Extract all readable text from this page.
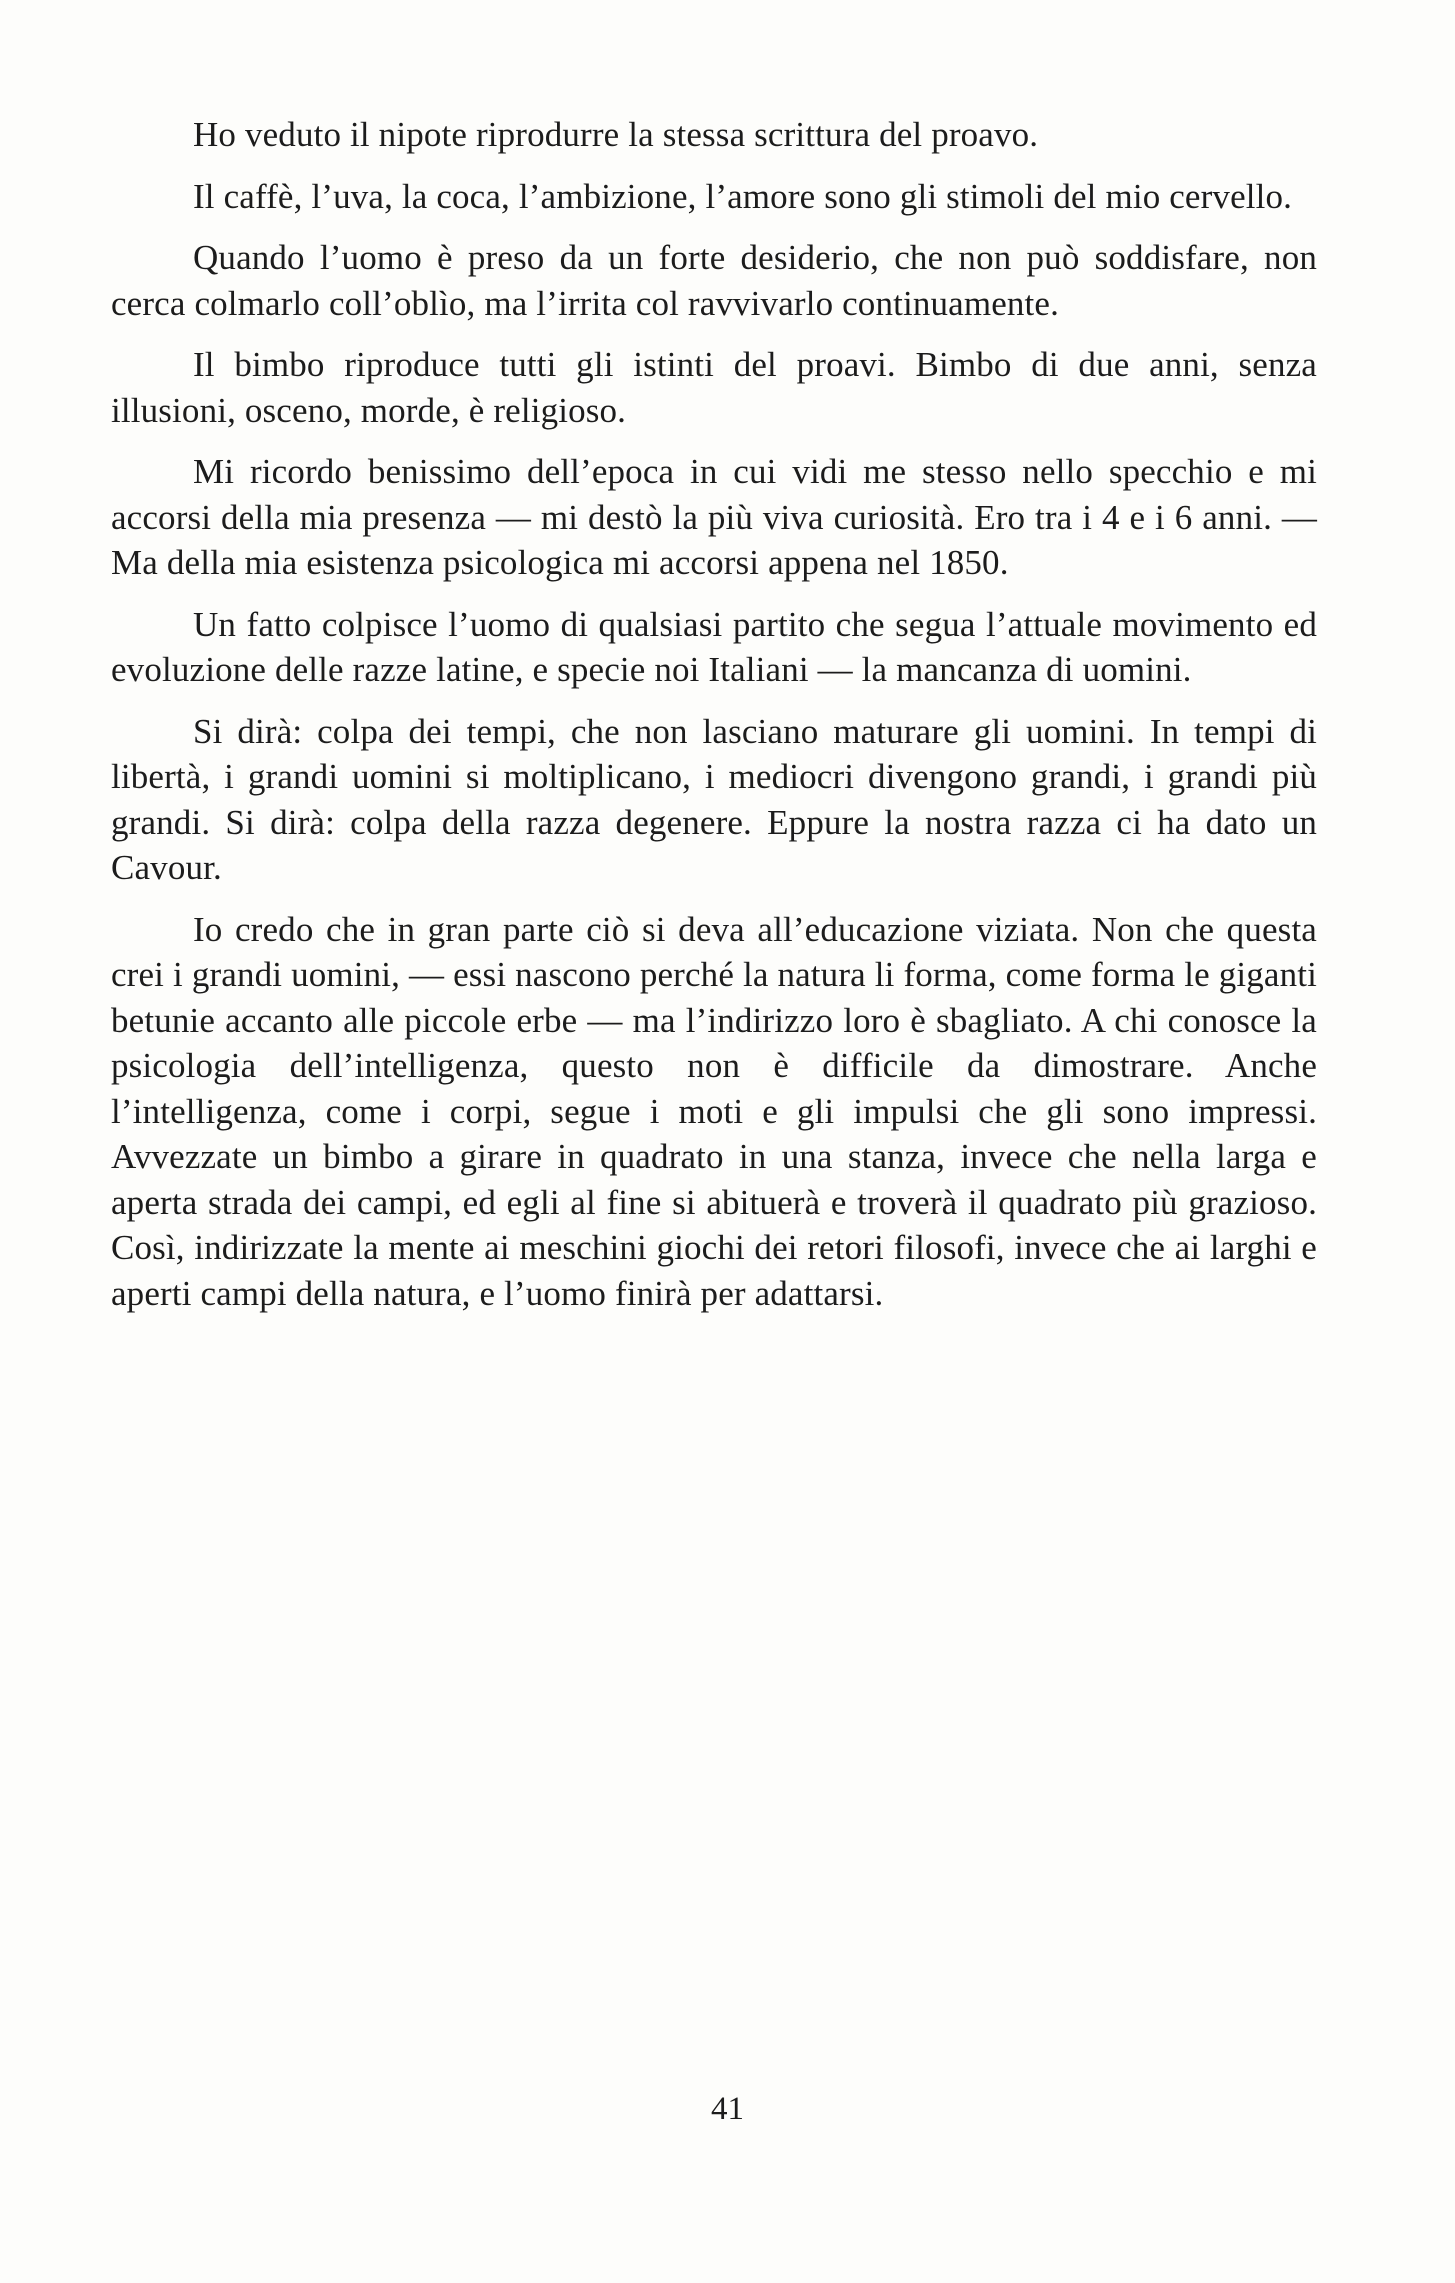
Ho veduto il nipote riprodurre la stessa scrittura del proavo.

Il caffè, l’uva, la coca, l’ambizione, l’amore sono gli stimoli del mio cervello.

Quando l’uomo è preso da un forte desiderio, che non può soddisfare, non cerca colmarlo coll’oblìo, ma l’irrita col ravvivarlo continuamente.

Il bimbo riproduce tutti gli istinti del proavi. Bimbo di due anni, senza illusioni, osceno, morde, è religioso.

Mi ricordo benissimo dell’epoca in cui vidi me stesso nello specchio e mi accorsi della mia presenza — mi destò la più viva curiosità. Ero tra i 4 e i 6 anni. — Ma della mia esistenza psicologica mi accorsi appena nel 1850.

Un fatto colpisce l’uomo di qualsiasi partito che segua l’attuale movimento ed evoluzione delle razze latine, e specie noi Italiani — la mancanza di uomini.

Si dirà: colpa dei tempi, che non lasciano maturare gli uomini. In tempi di libertà, i grandi uomini si moltiplicano, i mediocri divengono grandi, i grandi più grandi. Si dirà: colpa della razza degenere. Eppure la nostra razza ci ha dato un Cavour.

Io credo che in gran parte ciò si deva all’educazione viziata. Non che questa crei i grandi uomini, — essi nascono perché la natura li forma, come forma le giganti betunie accanto alle piccole erbe — ma l’indirizzo loro è sbagliato. A chi conosce la psicologia dell’intelligenza, questo non è difficile da dimostrare. Anche l’intelligenza, come i corpi, segue i moti e gli impulsi che gli sono impressi. Avvezzate un bimbo a girare in quadrato in una stanza, invece che nella larga e aperta strada dei campi, ed egli al fine si abituerà e troverà il quadrato più grazioso. Così, indirizzate la mente ai meschini giochi dei retori filosofi, invece che ai larghi e aperti campi della natura, e l’uomo finirà per adattarsi.

41
